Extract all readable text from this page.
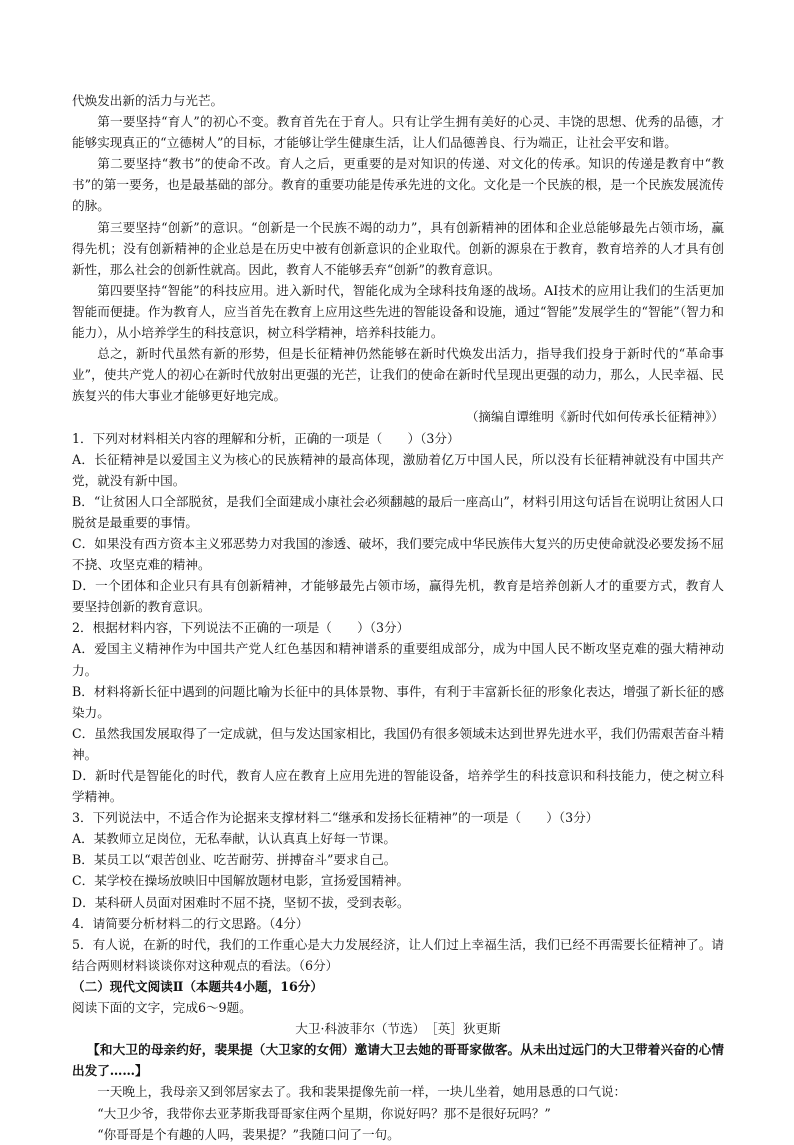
代焕发出新的活力与光芒。

第一要坚持“育人”的初心不变。教育首先在于育人。只有让学生拥有美好的心灵、丰饶的思想、优秀的品德，才能够实现真正的“立德树人”的目标，才能够让学生健康生活，让人们品德善良、行为端正，让社会平安和谐。

第二要坚持“教书”的使命不改。育人之后，更重要的是对知识的传递、对文化的传承。知识的传递是教育中“教书”的第一要务，也是最基础的部分。教育的重要功能是传承先进的文化。文化是一个民族的根，是一个民族发展流传的脉。

第三要坚持“创新”的意识。“创新是一个民族不竭的动力”，具有创新精神的团体和企业总能够最先占领市场，赢得先机；没有创新精神的企业总是在历史中被有创新意识的企业取代。创新的源泉在于教育，教育培养的人才具有创新性，那么社会的创新性就高。因此，教育人不能够丢弃“创新”的教育意识。

第四要坚持“智能”的科技应用。进入新时代，智能化成为全球科技角逐的战场。AI技术的应用让我们的生活更加智能而便捷。作为教育人，应当首先在教育上应用这些先进的智能设备和设施，通过“智能”发展学生的“智能”（智力和能力），从小培养学生的科技意识，树立科学精神，培养科技能力。

总之，新时代虽然有新的形势，但是长征精神仍然能够在新时代焕发出活力，指导我们投身于新时代的“革命事业”，使共产党人的初心在新时代放射出更强的光芒，让我们的使命在新时代呈现出更强的动力，那么，人民幸福、民族复兴的伟大事业才能够更好地完成。

（摘编自谭维明《新时代如何传承长征精神》）

1．下列对材料相关内容的理解和分析，正确的一项是（　　）（3分）

A．长征精神是以爱国主义为核心的民族精神的最高体现，激励着亿万中国人民，所以没有长征精神就没有中国共产党，就没有新中国。

B．“让贫困人口全部脱贫，是我们全面建成小康社会必须翻越的最后一座高山”，材料引用这句话旨在说明让贫困人口脱贫是最重要的事情。

C．如果没有西方资本主义邪恶势力对我国的渗透、破坏，我们要完成中华民族伟大复兴的历史使命就没必要发扬不屈不挠、攻坚克难的精神。

D．一个团体和企业只有具有创新精神，才能够最先占领市场，赢得先机，教育是培养创新人才的重要方式，教育人要坚持创新的教育意识。

2．根据材料内容，下列说法不正确的一项是（　　）（3分）

A．爱国主义精神作为中国共产党人红色基因和精神谱系的重要组成部分，成为中国人民不断攻坚克难的强大精神动力。

B．材料将新长征中遇到的问题比喻为长征中的具体景物、事件，有利于丰富新长征的形象化表达，增强了新长征的感染力。

C．虽然我国发展取得了一定成就，但与发达国家相比，我国仍有很多领域未达到世界先进水平，我们仍需艰苦奋斗精神。

D．新时代是智能化的时代，教育人应在教育上应用先进的智能设备，培养学生的科技意识和科技能力，使之树立科学精神。

3．下列说法中，不适合作为论据来支撑材料二“继承和发扬长征精神”的一项是（　　）（3分）

A．某教师立足岗位，无私奉献，认认真真上好每一节课。

B．某员工以“艰苦创业、吃苦耐劳、拼搏奋斗”要求自己。

C．某学校在操场放映旧中国解放题材电影，宣扬爱国精神。

D．某科研人员面对困难时不屈不挠，坚韧不拔，受到表彰。

4．请简要分析材料二的行文思路。（4分）

5．有人说，在新的时代，我们的工作重心是大力发展经济，让人们过上幸福生活，我们已经不再需要长征精神了。请结合两则材料谈谈你对这种观点的看法。（6分）

（二）现代文阅读Ⅱ（本题共4小题，16分）

阅读下面的文字，完成6～9题。

大卫·科波菲尔（节选）　［英］狄更斯

【和大卫的母亲约好，裴果提（大卫家的女佣）邀请大卫去她的哥哥家做客。从未出过远门的大卫带着兴奋的心情出发了……】

一天晚上，我母亲又到邻居家去了。我和裴果提像先前一样，一块儿坐着，她用恳恿的口气说：

“大卫少爷，我带你去亚茅斯我哥哥家住两个星期，你说好吗？那不是很好玩吗？”

“你哥哥是个有趣的人吗，裴果提？”我随口问了一句。
